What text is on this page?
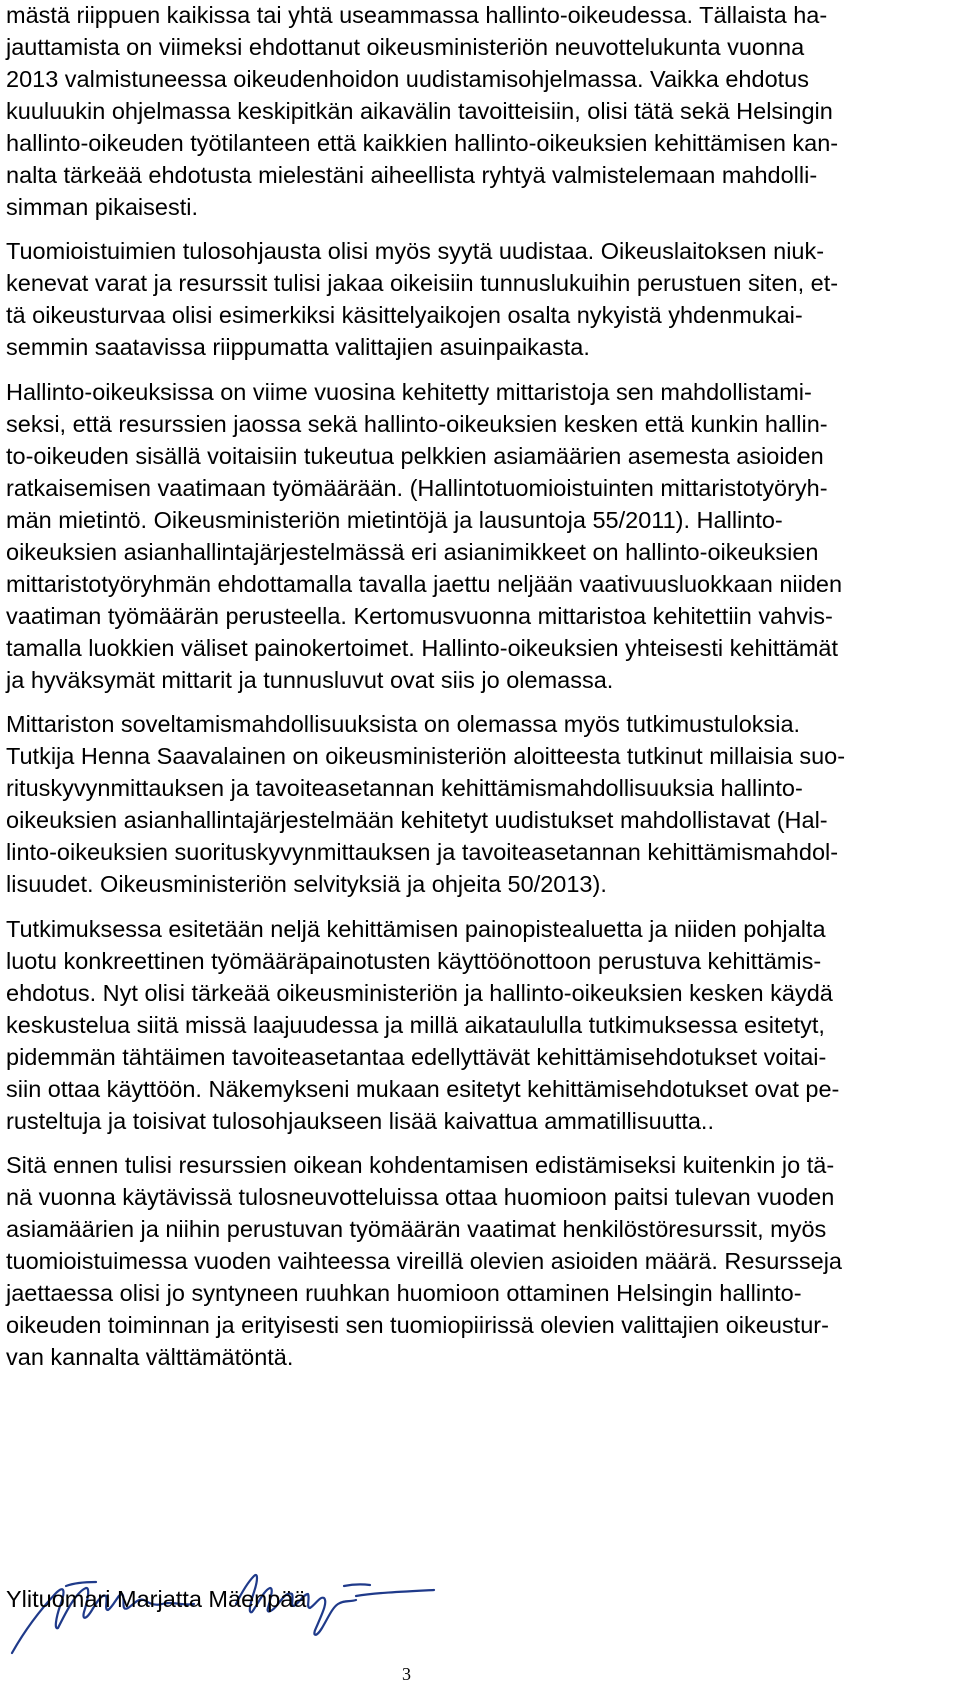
mästä riippuen kaikissa tai yhtä useammassa hallinto-oikeudessa. Tällaista ha-
jauttamista on viimeksi ehdottanut oikeusministeriön neuvottelukunta vuonna
2013 valmistuneessa oikeudenhoidon uudistamisohjelmassa. Vaikka ehdotus
kuuluukin ohjelmassa keskipitkän aikavälin tavoitteisiin, olisi tätä sekä Helsingin
hallinto-oikeuden työtilanteen että kaikkien hallinto-oikeuksien kehittämisen kan-
nalta tärkeää ehdotusta mielestäni aiheellista ryhtyä valmistelemaan mahdolli-
simman pikaisesti.
Tuomioistuimien tulosohjausta olisi myös syytä uudistaa. Oikeuslaitoksen niuk-
kenevat varat ja resurssit tulisi jakaa oikeisiin tunnuslukuihin perustuen siten, et-
tä oikeusturvaa olisi esimerkiksi käsittelyaikojen osalta nykyistä yhdenmukai-
semmin saatavissa riippumatta valittajien asuinpaikasta.
Hallinto-oikeuksissa on viime vuosina kehitetty mittaristoja sen mahdollistami-
seksi, että resurssien jaossa sekä hallinto-oikeuksien kesken että kunkin hallin-
to-oikeuden sisällä voitaisiin tukeutua pelkkien asiamäärien asemesta asioiden
ratkaisemisen vaatimaan työmäärään. (Hallintotuomioistuinten mittaristotyöryh-
män mietintö. Oikeusministeriön mietintöjä ja lausuntoja 55/2011). Hallinto-
oikeuksien asianhallintajärjestelmässä eri asianimikkeet on hallinto-oikeuksien
mittaristotyöryhmän ehdottamalla tavalla jaettu neljään vaativuusluokkaan niiden
vaatiman työmäärän perusteella. Kertomusvuonna mittaristoa kehitettiin vahvis-
tamalla luokkien väliset painokertoimet. Hallinto-oikeuksien yhteisesti kehittämät
ja hyväksymät mittarit ja tunnusluvut ovat siis jo olemassa.
Mittariston soveltamismahdollisuuksista on olemassa myös tutkimustuloksia.
Tutkija Henna Saavalainen on oikeusministeriön aloitteesta tutkinut millaisia suo-
rituskyvynmittauksen ja tavoiteasetannan kehittämismahdollisuuksia hallinto-
oikeuksien asianhallintajärjestelmään kehitetyt uudistukset mahdollistavat (Hal-
linto-oikeuksien suorituskyvynmittauksen ja tavoiteasetannan kehittämismahdol-
lisuudet. Oikeusministeriön selvityksiä ja ohjeita 50/2013).
Tutkimuksessa esitetään neljä kehittämisen painopistealuetta ja niiden pohjalta
luotu konkreettinen työmääräpainotusten käyttöönottoon perustuva kehittämis-
ehdotus. Nyt olisi tärkeää oikeusministeriön ja hallinto-oikeuksien kesken käydä
keskustelua siitä missä laajuudessa ja millä aikataululla tutkimuksessa esitetyt,
pidemmän tähtäimen tavoiteasetantaa edellyttävät kehittämisehdotukset voitai-
siin ottaa käyttöön. Näkemykseni mukaan esitetyt kehittämisehdotukset ovat pe-
rusteltuja ja toisivat tulosohjaukseen lisää kaivattua ammatillisuutta..
Sitä ennen tulisi resurssien oikean kohdentamisen edistämiseksi kuitenkin jo tä-
nä vuonna käytävissä tulosneuvotteluissa ottaa huomioon paitsi tulevan vuoden
asiamäärien ja niihin perustuvan työmäärän vaatimat henkilöstöresurssit, myös
tuomioistuimessa vuoden vaihteessa vireillä olevien asioiden määrä. Resursseja
jaettaessa olisi jo syntyneen ruuhkan huomioon ottaminen Helsingin hallinto-
oikeuden toiminnan ja erityisesti sen tuomiopiirissä olevien valittajien oikeustur-
van kannalta välttämätöntä.
Ylituomari Marjatta Mäenpää
3
